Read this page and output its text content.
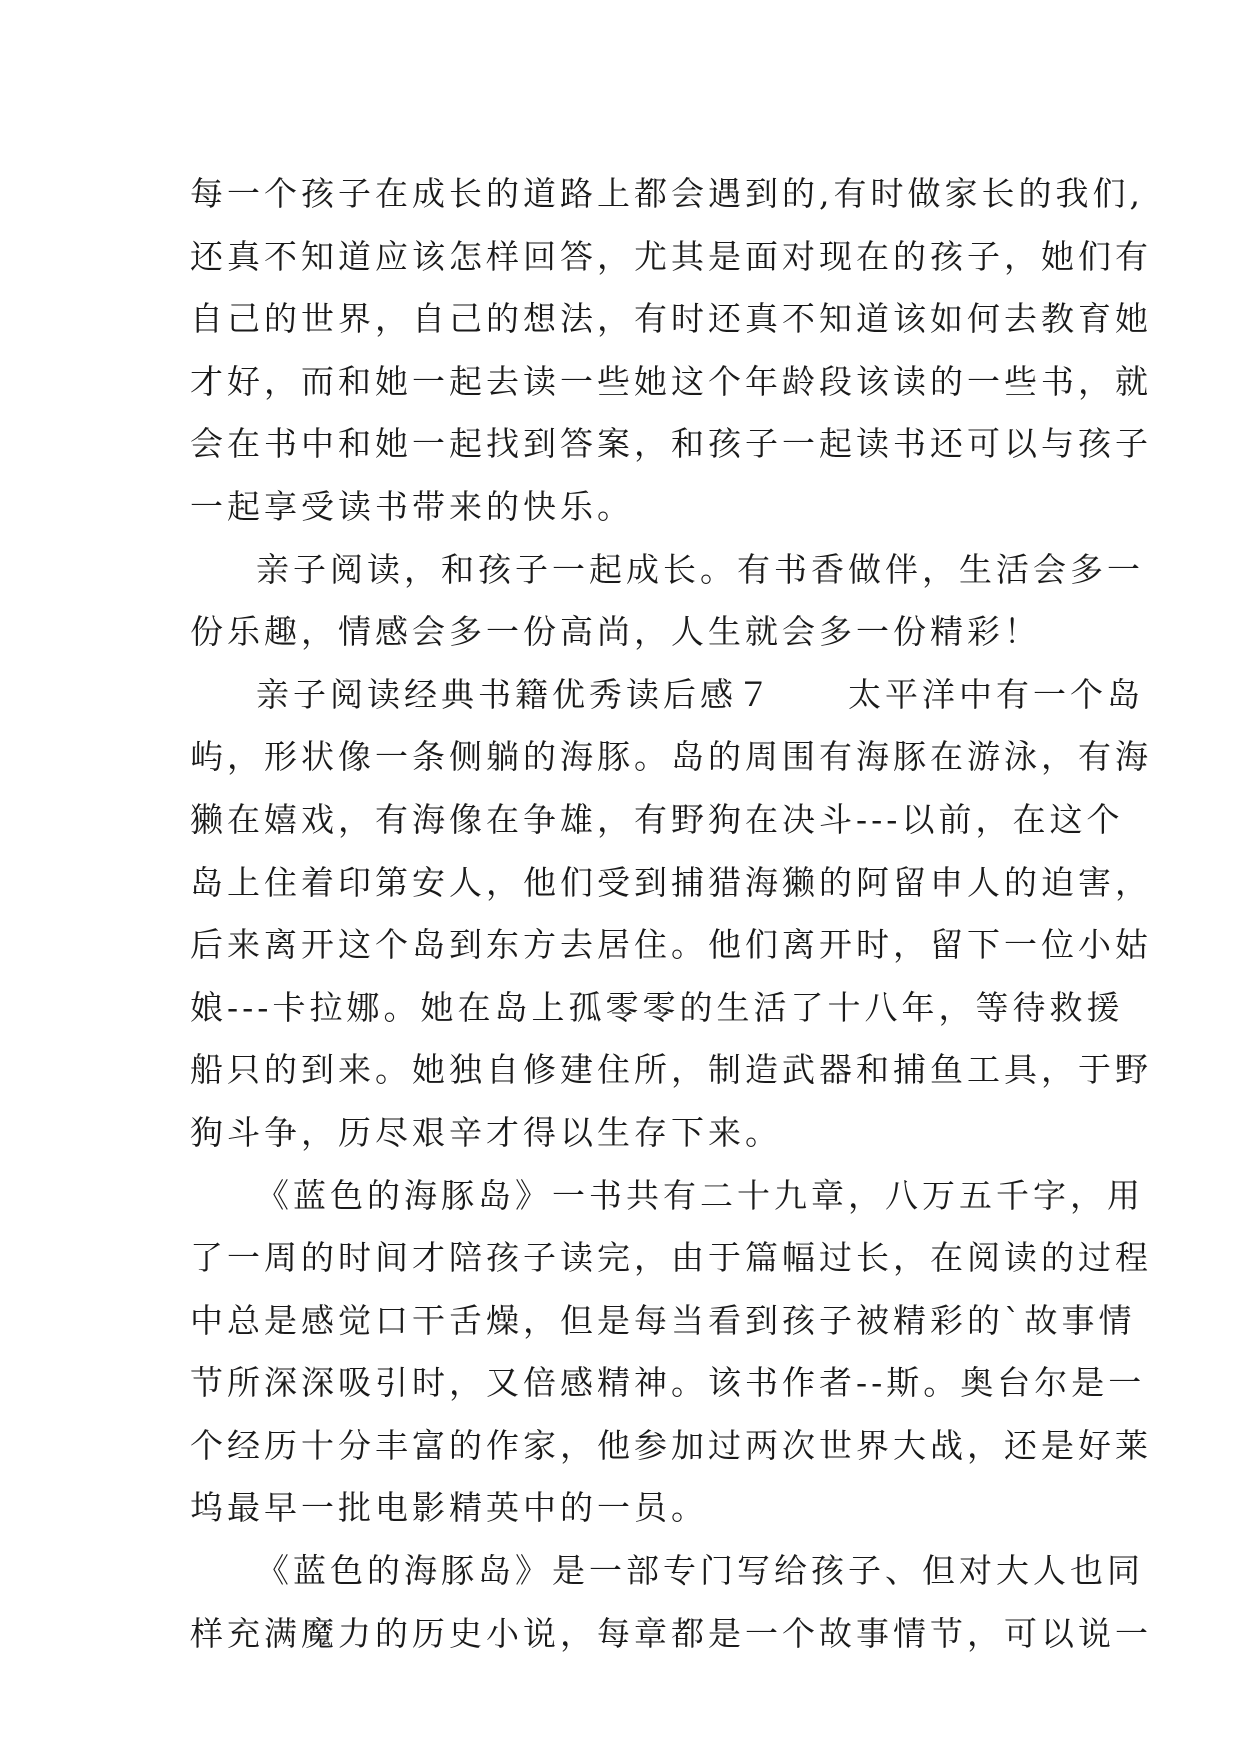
每一个孩子在成长的道路上都会遇到的,有时做家长的我们,
还真不知道应该怎样回答，尤其是面对现在的孩子，她们有
自己的世界，自己的想法，有时还真不知道该如何去教育她
才好，而和她一起去读一些她这个年龄段该读的一些书，就
会在书中和她一起找到答案，和孩子一起读书还可以与孩子
一起享受读书带来的快乐。
亲子阅读，和孩子一起成长。有书香做伴，生活会多一
份乐趣，情感会多一份高尚，人生就会多一份精彩！
亲子阅读经典书籍优秀读后感７　　太平洋中有一个岛
屿，形状像一条侧躺的海豚。岛的周围有海豚在游泳，有海
獭在嬉戏，有海像在争雄，有野狗在决斗---以前，在这个
岛上住着印第安人，他们受到捕猎海獭的阿留申人的迫害，
后来离开这个岛到东方去居住。他们离开时，留下一位小姑
娘---卡拉娜。她在岛上孤零零的生活了十八年，等待救援
船只的到来。她独自修建住所，制造武器和捕鱼工具，于野
狗斗争，历尽艰辛才得以生存下来。
《蓝色的海豚岛》一书共有二十九章，八万五千字，用
了一周的时间才陪孩子读完，由于篇幅过长，在阅读的过程
中总是感觉口干舌燥，但是每当看到孩子被精彩的`故事情
节所深深吸引时，又倍感精神。该书作者--斯。奥台尔是一
个经历十分丰富的作家，他参加过两次世界大战，还是好莱
坞最早一批电影精英中的一员。
《蓝色的海豚岛》是一部专门写给孩子、但对大人也同
样充满魔力的历史小说，每章都是一个故事情节，可以说一
